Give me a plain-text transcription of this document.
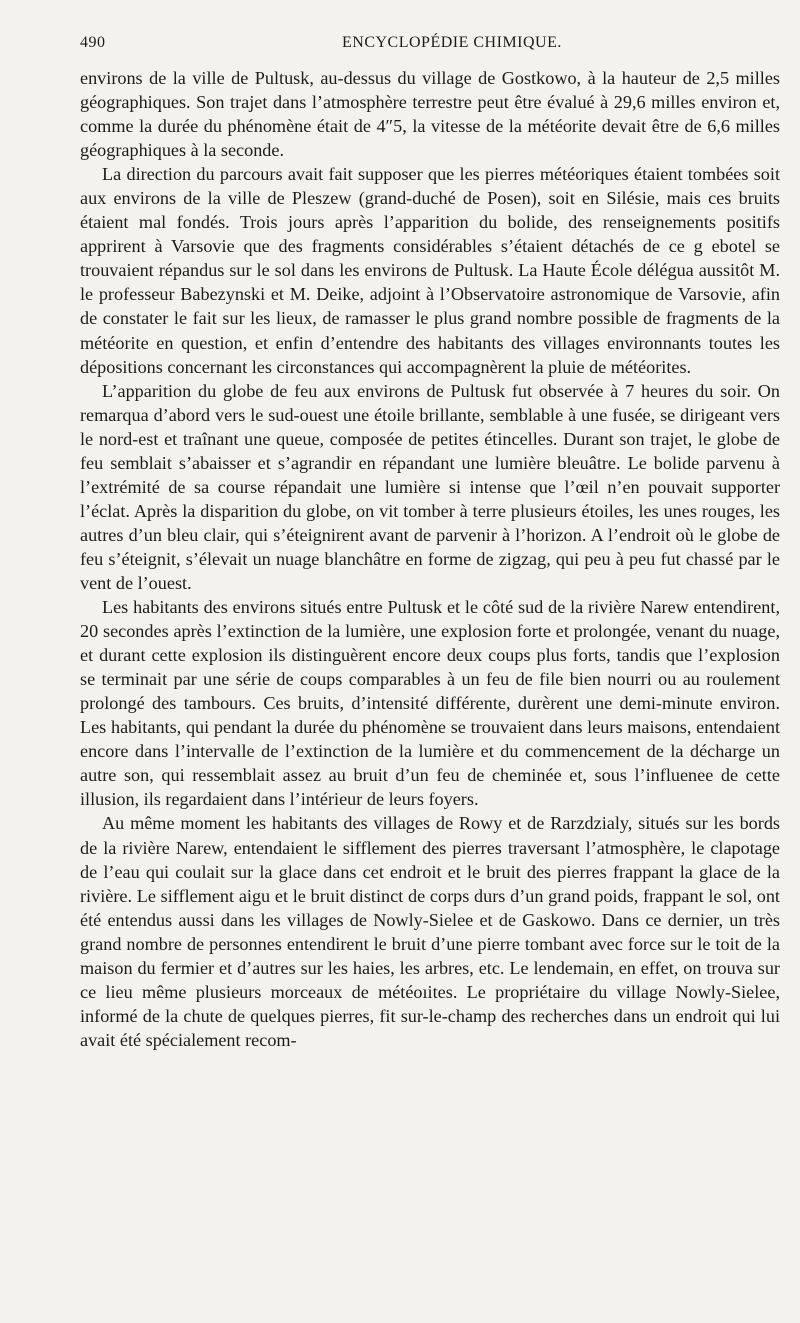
490	ENCYCLOPÉDIE CHIMIQUE.

environs de la ville de Pultusk, au-dessus du village de Gostkowo, à la hauteur de 2,5 milles géographiques. Son trajet dans l’atmosphère terrestre peut être évalué à 29,6 milles environ et, comme la durée du phénomène était de 4″5, la vitesse de la météorite devait être de 6,6 milles géographiques à la seconde.

La direction du parcours avait fait supposer que les pierres météoriques étaient tombées soit aux environs de la ville de Pleszew (grand-duché de Posen), soit en Silésie, mais ces bruits étaient mal fondés. Trois jours après l’apparition du bolide, des renseignements positifs apprirent à Varsovie que des fragments considérables s’étaient détachés de ce g ebotel se trouvaient répandus sur le sol dans les environs de Pultusk. La Haute École délégua aussitôt M. le professeur Babezynski et M. Deike, adjoint à l’Observatoire astronomique de Varsovie, afin de constater le fait sur les lieux, de ramasser le plus grand nombre possible de fragments de la météorite en question, et enfin d’entendre des habitants des villages environnants toutes les dépositions concernant les circonstances qui accompagnèrent la pluie de météorites.

L’apparition du globe de feu aux environs de Pultusk fut observée à 7 heures du soir. On remarqua d’abord vers le sud-ouest une étoile brillante, semblable à une fusée, se dirigeant vers le nord-est et traînant une queue, composée de petites étincelles. Durant son trajet, le globe de feu semblait s’abaisser et s’agrandir en répandant une lumière bleuâtre. Le bolide parvenu à l’extrémité de sa course répandait une lumière si intense que l’œil n’en pouvait supporter l’éclat. Après la disparition du globe, on vit tomber à terre plusieurs étoiles, les unes rouges, les autres d’un bleu clair, qui s’éteignirent avant de parvenir à l’horizon. A l’endroit où le globe de feu s’éteignit, s’élevait un nuage blanchâtre en forme de zigzag, qui peu à peu fut chassé par le vent de l’ouest.

Les habitants des environs situés entre Pultusk et le côté sud de la rivière Narew entendirent, 20 secondes après l’extinction de la lumière, une explosion forte et prolongée, venant du nuage, et durant cette explosion ils distinguèrent encore deux coups plus forts, tandis que l’explosion se terminait par une série de coups comparables à un feu de file bien nourri ou au roulement prolongé des tambours. Ces bruits, d’intensité différente, durèrent une demi-minute environ. Les habitants, qui pendant la durée du phénomène se trouvaient dans leurs maisons, entendaient encore dans l’intervalle de l’extinction de la lumière et du commencement de la décharge un autre son, qui ressemblait assez au bruit d’un feu de cheminée et, sous l’influenee de cette illusion, ils regardaient dans l’intérieur de leurs foyers.

Au même moment les habitants des villages de Rowy et de Rarzdzialy, situés sur les bords de la rivière Narew, entendaient le sifflement des pierres traversant l’atmosphère, le clapotage de l’eau qui coulait sur la glace dans cet endroit et le bruit des pierres frappant la glace de la rivière. Le sifflement aigu et le bruit distinct de corps durs d’un grand poids, frappant le sol, ont été entendus aussi dans les villages de Nowly-Sielee et de Gaskowo. Dans ce dernier, un très grand nombre de personnes entendirent le bruit d’une pierre tombant avec force sur le toit de la maison du fermier et d’autres sur les haies, les arbres, etc. Le lendemain, en effet, on trouva sur ce lieu même plusieurs morceaux de météoıites. Le propriétaire du village Nowly-Sielee, informé de la chute de quelques pierres, fit sur-le-champ des recherches dans un endroit qui lui avait été spécialement recom-
